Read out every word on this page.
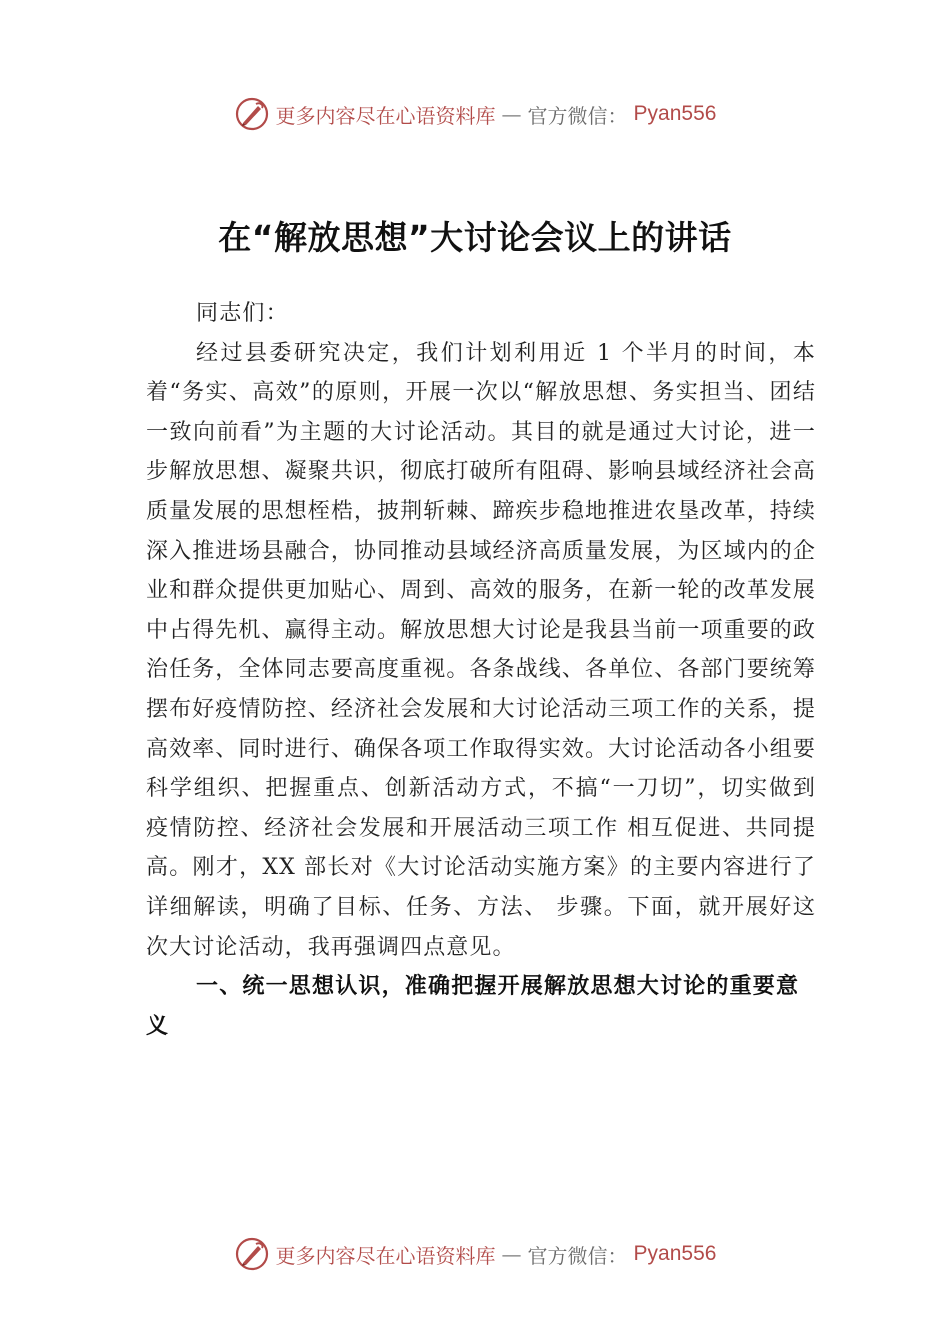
更多内容尽在心语资料库 — 官方微信： Pyan556
在“解放思想”大讨论会议上的讲话

同志们：

经过县委研究决定，我们计划利用近 1 个半月的时间，本着“务实、高效”的原则，开展一次以“解放思想、务实担当、团结一致向前看”为主题的大讨论活动。其目的就是通过大讨论，进一步解放思想、凝聚共识，彻底打破所有阻碍、影响县域经济社会高质量发展的思想桎梏，披荆斩棘、蹄疾步稳地推进农垦改革，持续深入推进场县融合，协同推动县域经济高质量发展，为区域内的企业和群众提供更加贴心、周到、高效的服务，在新一轮的改革发展中占得先机、赢得主动。解放思想大讨论是我县当前一项重要的政治任务，全体同志要高度重视。各条战线、各单位、各部门要统筹摆布好疫情防控、经济社会发展和大讨论活动三项工作的关系，提高效率、同时进行、确保各项工作取得实效。大讨论活动各小组要科学组织、把握重点、创新活动方式，不搞“一刀切”，切实做到疫情防控、经济社会发展和开展活动三项工作 相互促进、共同提高。刚才，XX 部长对《大讨论活动实施方案》的主要内容进行了详细解读，明确了目标、任务、方法、 步骤。下面，就开展好这次大讨论活动，我再强调四点意见。

一、统一思想认识，准确把握开展解放思想大讨论的重要意义

更多内容尽在心语资料库 — 官方微信： Pyan556
